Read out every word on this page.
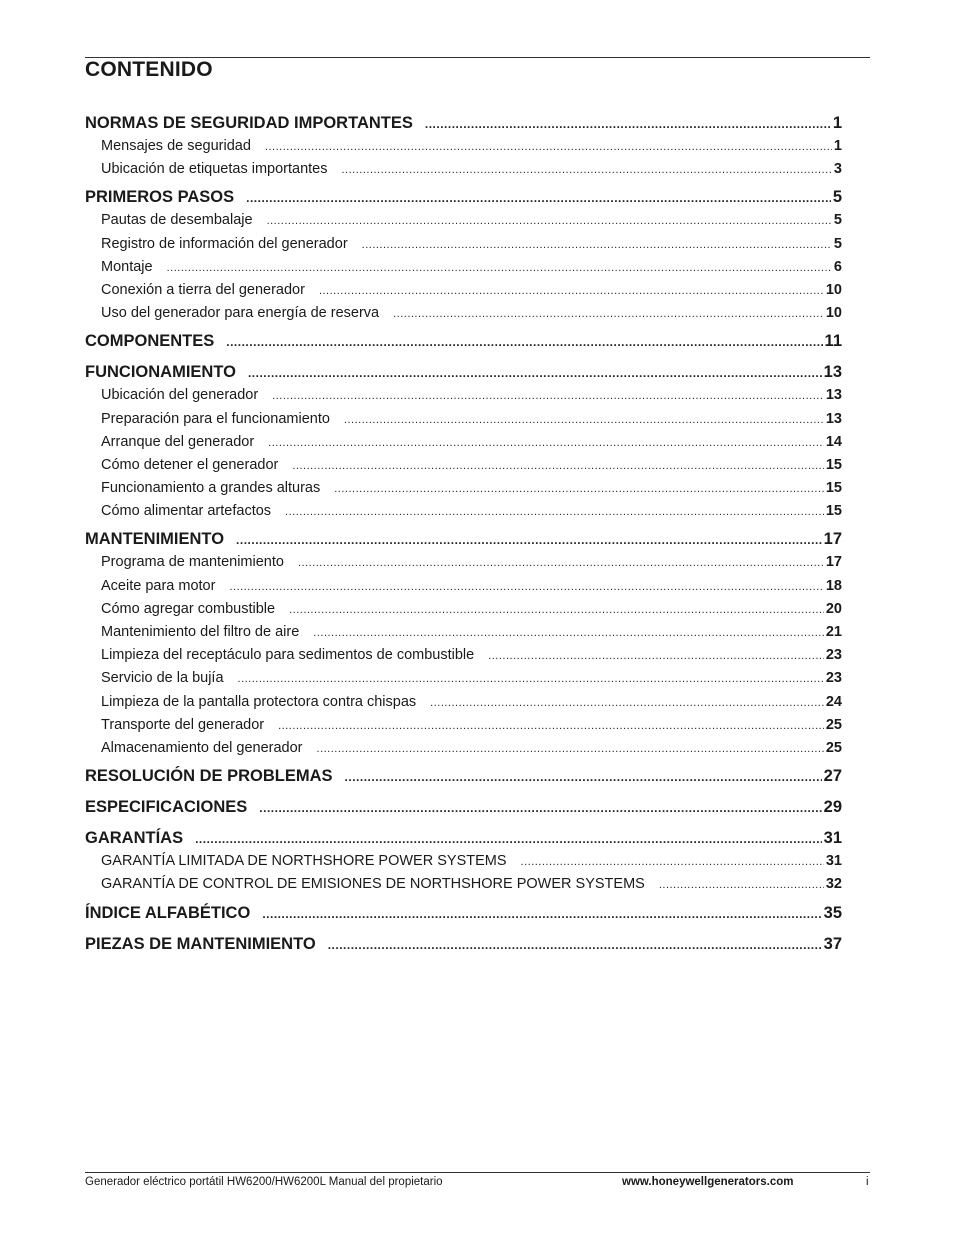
CONTENIDO
NORMAS DE SEGURIDAD IMPORTANTES .....	1
Mensajes de seguridad .....	1
Ubicación de etiquetas importantes .....	3
PRIMEROS PASOS .....	5
Pautas de desembalaje .....	5
Registro de información del generador .....	5
Montaje .....	6
Conexión a tierra del generador .....	10
Uso del generador para energía de reserva .....	10
COMPONENTES .....	11
FUNCIONAMIENTO .....	13
Ubicación del generador .....	13
Preparación para el funcionamiento .....	13
Arranque del generador .....	14
Cómo detener el generador .....	15
Funcionamiento a grandes alturas .....	15
Cómo alimentar artefactos .....	15
MANTENIMIENTO .....	17
Programa de mantenimiento .....	17
Aceite para motor .....	18
Cómo agregar combustible .....	20
Mantenimiento del filtro de aire .....	21
Limpieza del receptáculo para sedimentos de combustible .....	23
Servicio de la bujía .....	23
Limpieza de la pantalla protectora contra chispas .....	24
Transporte del generador .....	25
Almacenamiento del generador .....	25
RESOLUCIÓN DE PROBLEMAS .....	27
ESPECIFICACIONES .....	29
GARANTÍAS .....	31
GARANTÍA LIMITADA DE NORTHSHORE POWER SYSTEMS .....	31
GARANTÍA DE CONTROL DE EMISIONES DE NORTHSHORE POWER SYSTEMS .....	32
ÍNDICE ALFABÉTICO .....	35
PIEZAS DE MANTENIMIENTO .....	37
Generador eléctrico portátil HW6200/HW6200L Manual del propietario	www.honeywellgenerators.com	i
